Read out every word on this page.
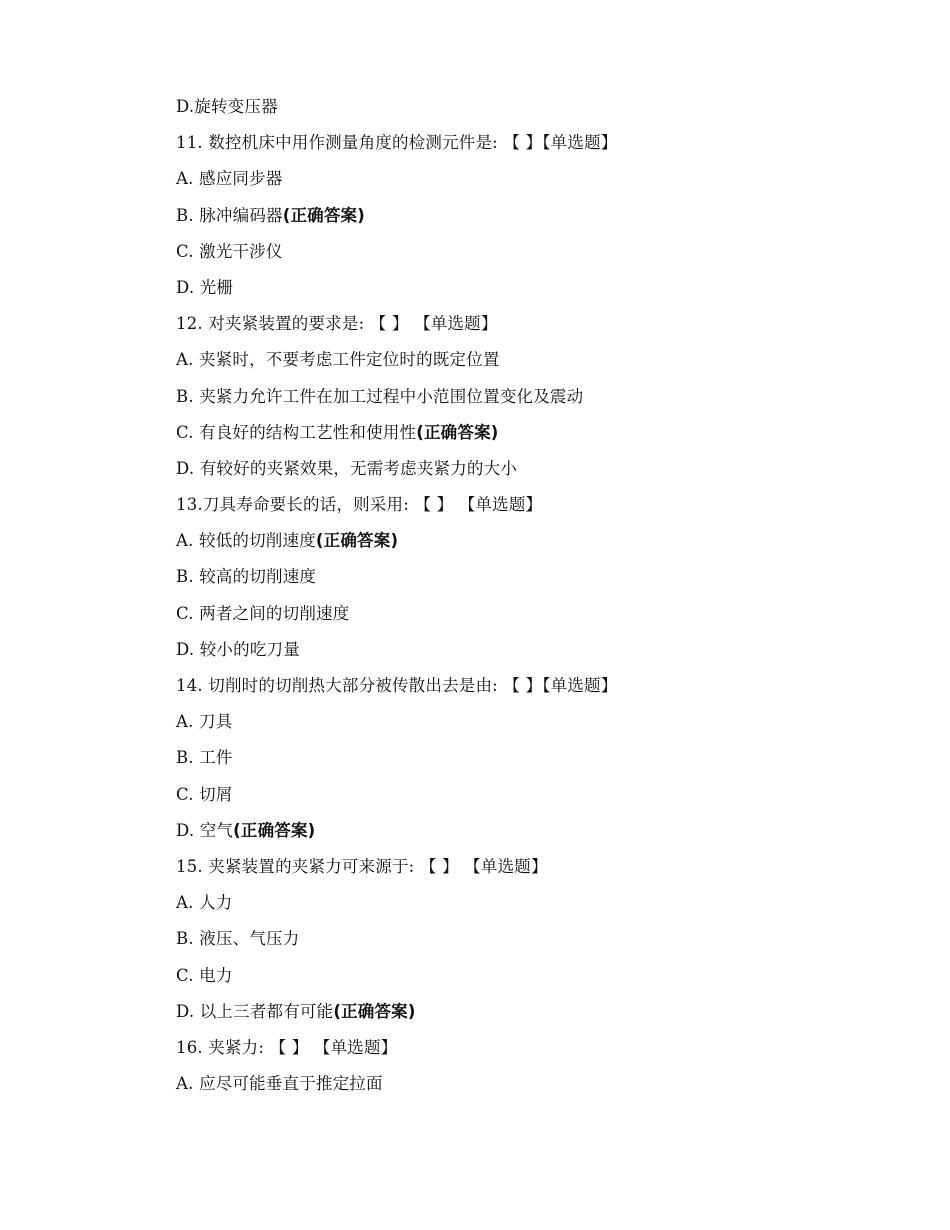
D.旋转变压器
11. 数控机床中用作测量角度的检测元件是: 【 】【单选题】
A. 感应同步器
B. 脉冲编码器(正确答案)
C. 激光干涉仪
D. 光栅
12. 对夹紧装置的要求是: 【 】 【单选题】
A. 夹紧时，不要考虑工件定位时的既定位置
B. 夹紧力允许工件在加工过程中小范围位置变化及震动
C. 有良好的结构工艺性和使用性(正确答案)
D. 有较好的夹紧效果，无需考虑夹紧力的大小
13.刀具寿命要长的话，则采用: 【 】 【单选题】
A. 较低的切削速度(正确答案)
B. 较高的切削速度
C. 两者之间的切削速度
D. 较小的吃刀量
14. 切削时的切削热大部分被传散出去是由: 【 】【单选题】
A. 刀具
B. 工件
C. 切屑
D. 空气(正确答案)
15. 夹紧装置的夹紧力可来源于: 【 】 【单选题】
A. 人力
B. 液压、气压力
C. 电力
D. 以上三者都有可能(正确答案)
16. 夹紧力: 【 】 【单选题】
A. 应尽可能垂直于推定拉面
